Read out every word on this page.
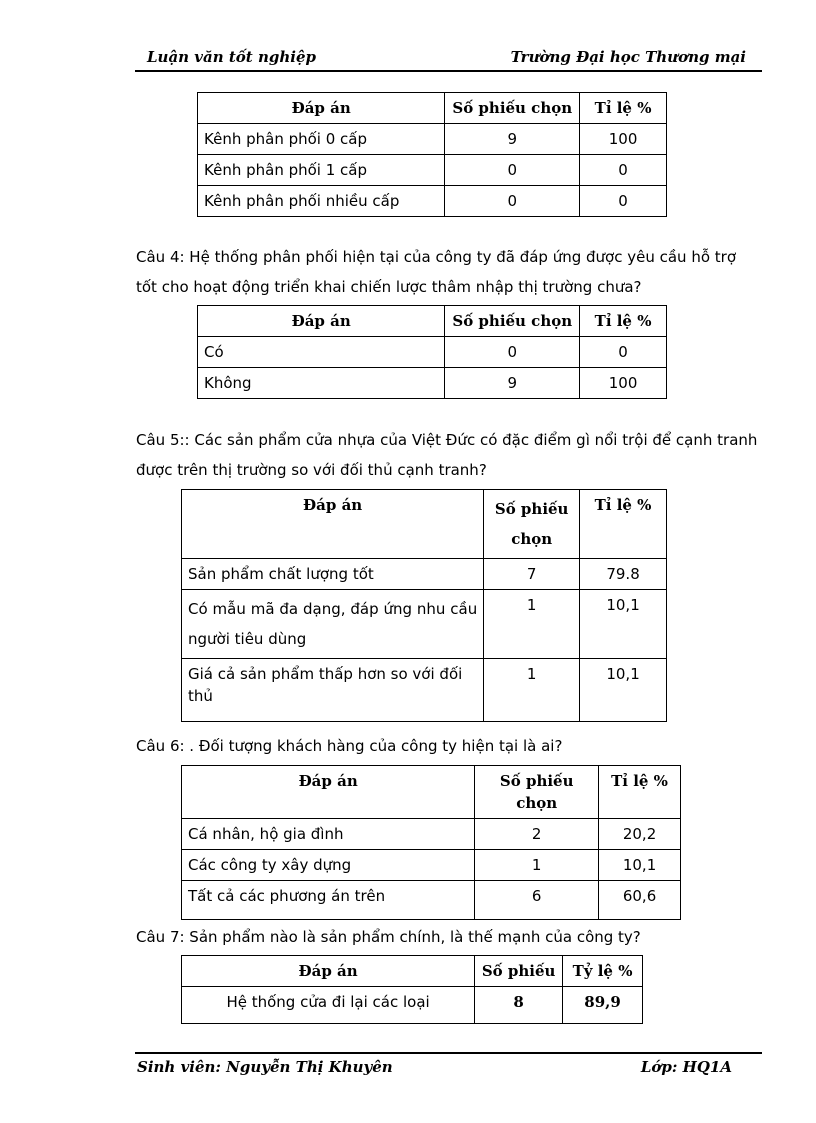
Luận văn tốt nghiệp	Trường Đại học Thương mại
Đáp án	Số phiếu chọn	Tỉ lệ %
Kênh phân phối 0 cấp	9	100
Kênh phân phối 1 cấp	0	0
Kênh phân phối nhiều cấp	0	0

Câu 4: Hệ thống phân phối hiện tại của công ty đã đáp ứng được yêu cầu hỗ trợ tốt cho hoạt động triển khai chiến lược thâm nhập thị trường chưa?

Đáp án	Số phiếu chọn	Tỉ lệ %
Có	0	0
Không	9	100

Câu 5:: Các sản phẩm cửa nhựa của Việt Đức có đặc điểm gì nổi trội để cạnh tranh được trên thị trường so với đối thủ cạnh tranh?

Đáp án	Số phiếu chọn	Tỉ lệ %
Sản phẩm chất lượng tốt	7	79.8
Có mẫu mã đa dạng, đáp ứng nhu cầu người tiêu dùng	1	10,1
Giá cả sản phẩm thấp hơn so với đối thủ	1	10,1

Câu 6: . Đối tượng khách hàng của công ty hiện tại là ai?

Đáp án	Số phiếu chọn	Tỉ lệ %
Cá nhân, hộ gia đình	2	20,2
Các công ty xây dựng	1	10,1
Tất cả các phương án trên	6	60,6

Câu 7: Sản phẩm nào là sản phẩm chính, là thế mạnh của công ty?

Đáp án	Số phiếu	Tỷ lệ %
Hệ thống cửa đi lại các loại	8	89,9
Sinh viên: Nguyễn Thị Khuyên	Lớp: HQ1A
